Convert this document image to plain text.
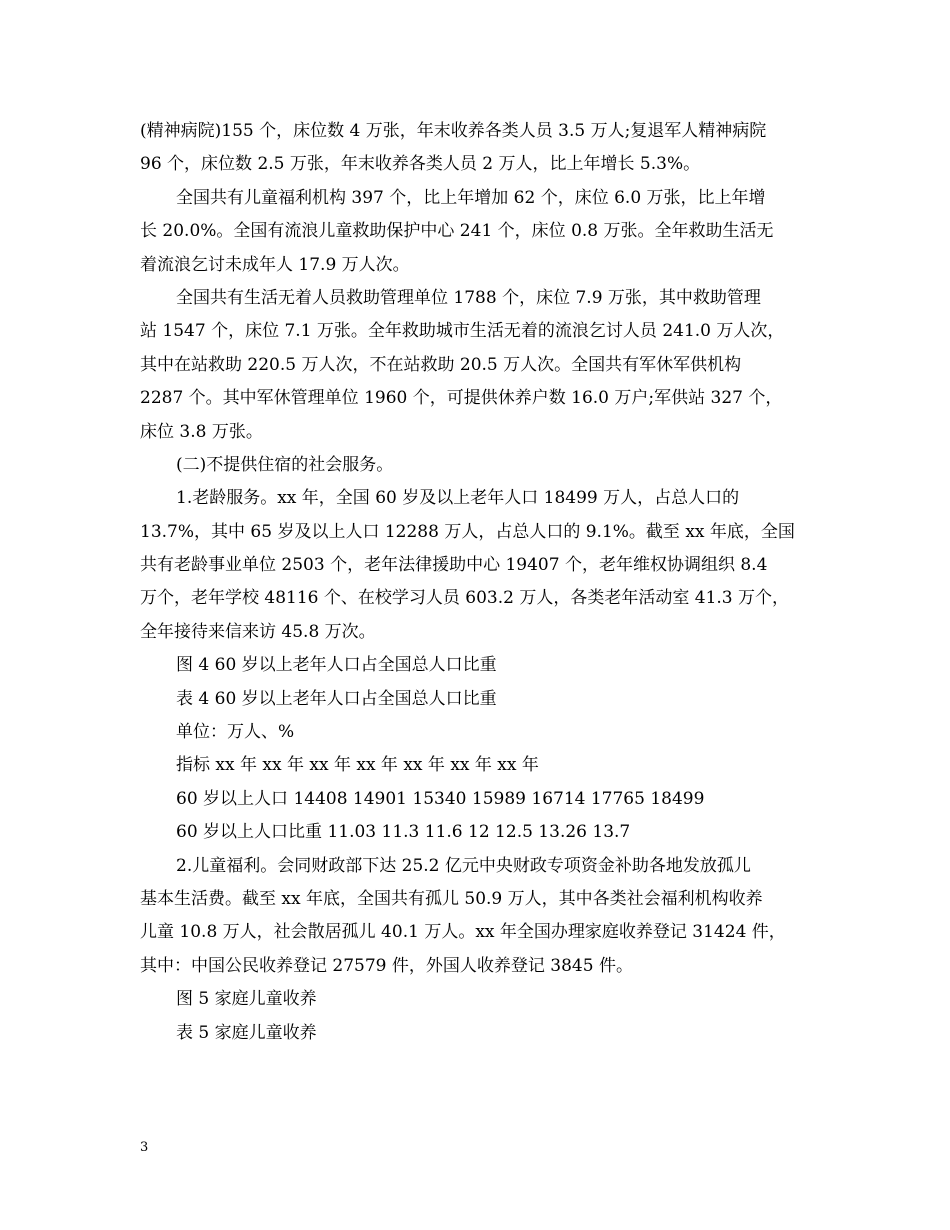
(精神病院)155 个，床位数 4 万张，年末收养各类人员 3.5 万人;复退军人精神病院
96 个，床位数 2.5 万张，年末收养各类人员 2 万人，比上年增长 5.3%。
全国共有儿童福利机构 397 个，比上年增加 62 个，床位 6.0 万张，比上年增
长 20.0%。全国有流浪儿童救助保护中心 241 个，床位 0.8 万张。全年救助生活无
着流浪乞讨未成年人 17.9 万人次。
全国共有生活无着人员救助管理单位 1788 个，床位 7.9 万张，其中救助管理
站 1547 个，床位 7.1 万张。全年救助城市生活无着的流浪乞讨人员 241.0 万人次，
其中在站救助 220.5 万人次，不在站救助 20.5 万人次。全国共有军休军供机构
2287 个。其中军休管理单位 1960 个，可提供休养户数 16.0 万户;军供站 327 个，
床位 3.8 万张。
(二)不提供住宿的社会服务。
1.老龄服务。xx 年，全国 60 岁及以上老年人口 18499 万人，占总人口的
13.7%，其中 65 岁及以上人口 12288 万人，占总人口的 9.1%。截至 xx 年底，全国
共有老龄事业单位 2503 个，老年法律援助中心 19407 个，老年维权协调组织 8.4
万个，老年学校 48116 个、在校学习人员 603.2 万人，各类老年活动室 41.3 万个，
全年接待来信来访 45.8 万次。
图 4 60 岁以上老年人口占全国总人口比重
表 4 60 岁以上老年人口占全国总人口比重
单位：万人、%
指标 xx 年 xx 年 xx 年 xx 年 xx 年 xx 年 xx 年
60 岁以上人口 14408 14901 15340 15989 16714 17765 18499
60 岁以上人口比重 11.03 11.3 11.6 12 12.5 13.26 13.7
2.儿童福利。会同财政部下达 25.2 亿元中央财政专项资金补助各地发放孤儿
基本生活费。截至 xx 年底，全国共有孤儿 50.9 万人，其中各类社会福利机构收养
儿童 10.8 万人，社会散居孤儿 40.1 万人。xx 年全国办理家庭收养登记 31424 件，
其中：中国公民收养登记 27579 件，外国人收养登记 3845 件。
图 5 家庭儿童收养
表 5 家庭儿童收养
3
